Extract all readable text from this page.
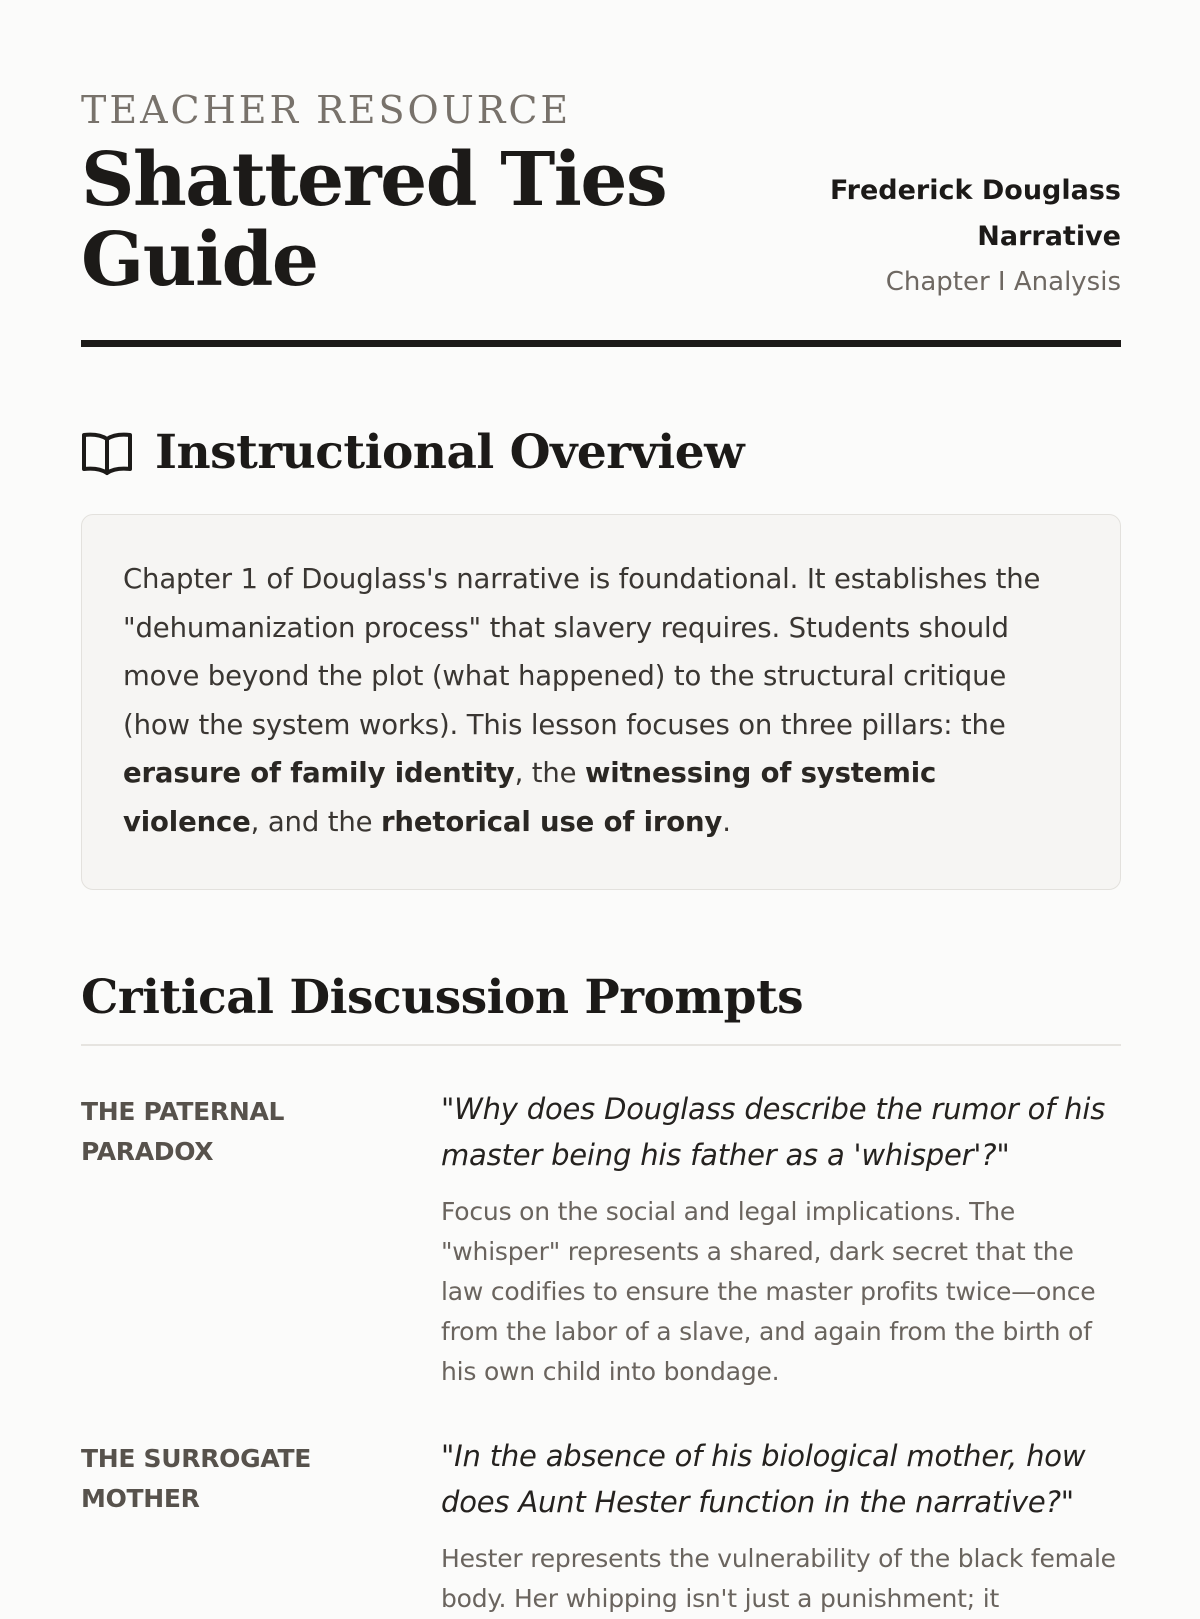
TEACHER RESOURCE
Shattered Ties Guide
Frederick Douglass Narrative
Chapter I Analysis
Instructional Overview
Chapter 1 of Douglass's narrative is foundational. It establishes the "dehumanization process" that slavery requires. Students should move beyond the plot (what happened) to the structural critique (how the system works). This lesson focuses on three pillars: the erasure of family identity, the witnessing of systemic violence, and the rhetorical use of irony.
Critical Discussion Prompts
THE PATERNAL PARADOX

"Why does Douglass describe the rumor of his master being his father as a 'whisper'?"

Focus on the social and legal implications. The "whisper" represents a shared, dark secret that the law codifies to ensure the master profits twice—once from the labor of a slave, and again from the birth of his own child into bondage.

THE SURROGATE MOTHER

"In the absence of his biological mother, how does Aunt Hester function in the narrative?"

Hester represents the vulnerability of the black female body. Her whipping isn't just a punishment; it
